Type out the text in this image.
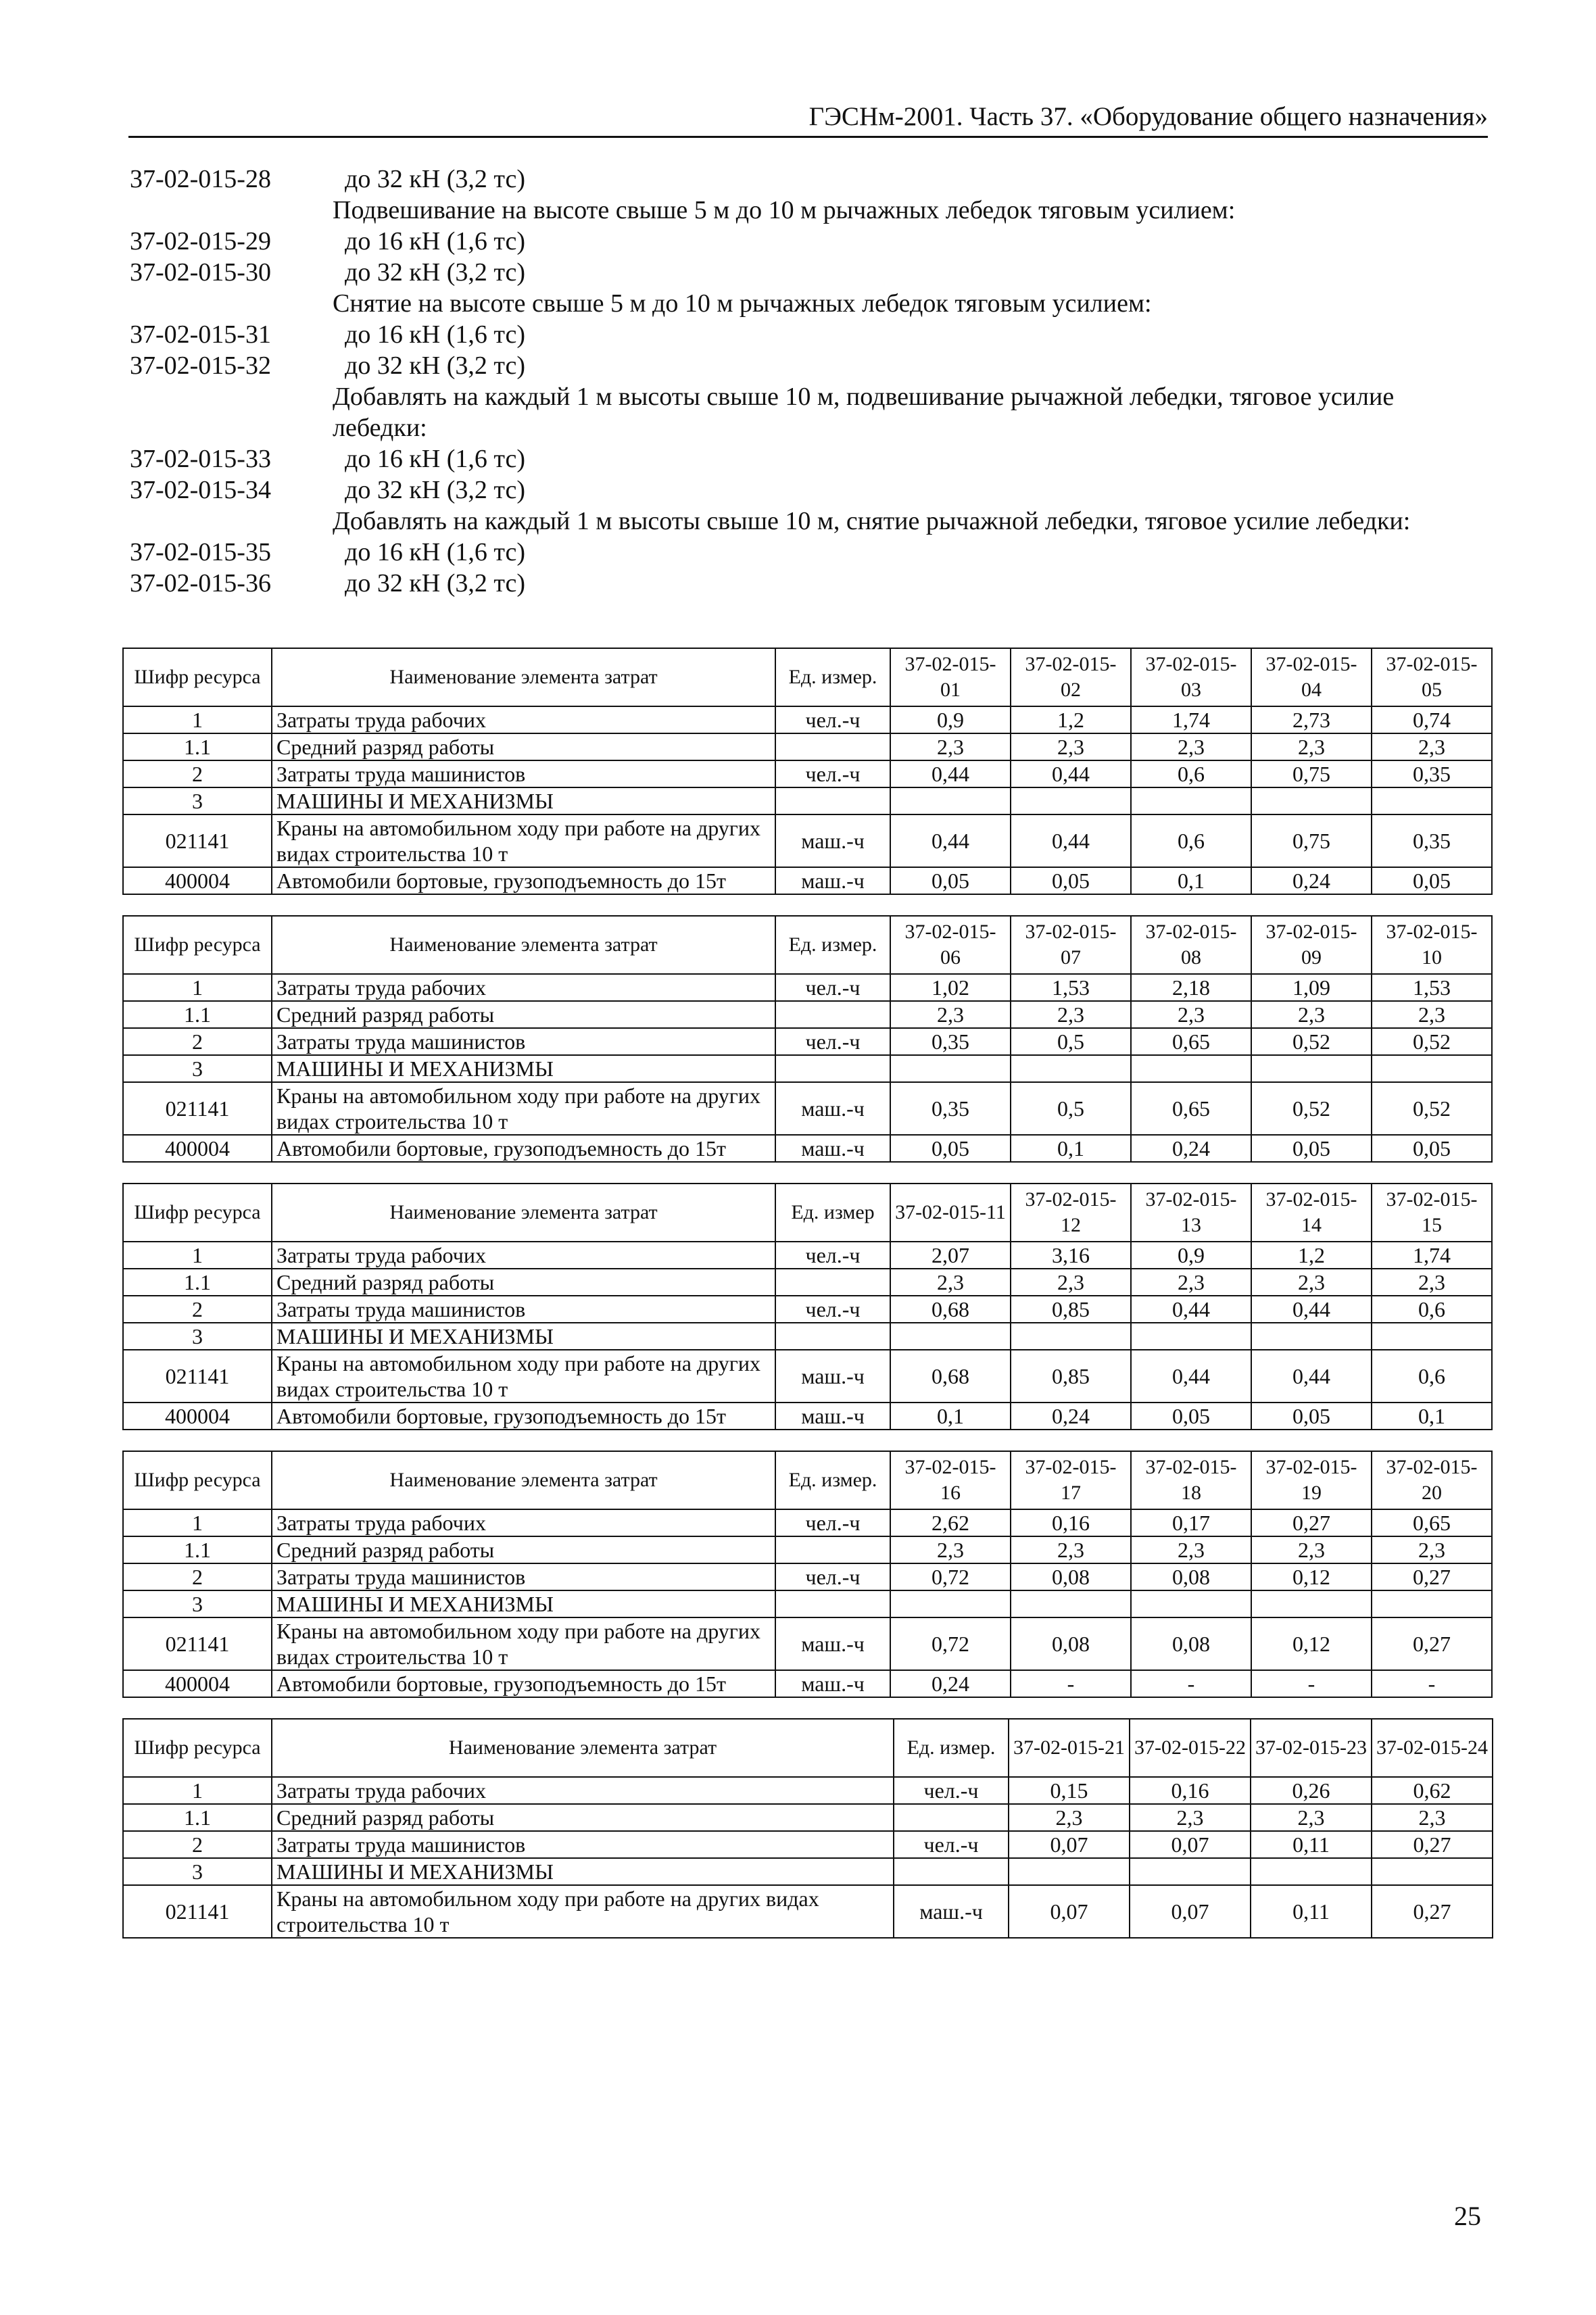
ГЭСНм-2001. Часть 37. «Оборудование общего назначения»
37-02-015-28	до 32 кН (3,2 тс)
Подвешивание на высоте свыше 5 м до 10 м рычажных лебедок тяговым усилием:
37-02-015-29	до 16 кН (1,6 тс)
37-02-015-30	до 32 кН (3,2 тс)
Снятие на высоте свыше 5 м до 10 м рычажных лебедок тяговым усилием:
37-02-015-31	до 16 кН (1,6 тс)
37-02-015-32	до 32 кН (3,2 тс)
Добавлять на каждый 1 м высоты свыше 10 м, подвешивание рычажной лебедки, тяговое усилие лебедки:
37-02-015-33	до 16 кН (1,6 тс)
37-02-015-34	до 32 кН (3,2 тс)
Добавлять на каждый 1 м высоты свыше 10 м, снятие рычажной лебедки, тяговое усилие лебедки:
37-02-015-35	до 16 кН (1,6 тс)
37-02-015-36	до 32 кН (3,2 тс)
Шифр ресурса	Наименование элемента затрат	Ед. измер.	37-02-015-01	37-02-015-02	37-02-015-03	37-02-015-04	37-02-015-05
1	Затраты труда рабочих	чел.-ч	0,9	1,2	1,74	2,73	0,74
1.1	Средний разряд работы		2,3	2,3	2,3	2,3	2,3
2	Затраты труда машинистов	чел.-ч	0,44	0,44	0,6	0,75	0,35
3	МАШИНЫ И МЕХАНИЗМЫ						
021141	Краны на автомобильном ходу при работе на других видах строительства 10 т	маш.-ч	0,44	0,44	0,6	0,75	0,35
400004	Автомобили бортовые, грузоподъемность до 15т	маш.-ч	0,05	0,05	0,1	0,24	0,05
Шифр ресурса	Наименование элемента затрат	Ед. измер.	37-02-015-06	37-02-015-07	37-02-015-08	37-02-015-09	37-02-015-10
1	Затраты труда рабочих	чел.-ч	1,02	1,53	2,18	1,09	1,53
1.1	Средний разряд работы		2,3	2,3	2,3	2,3	2,3
2	Затраты труда машинистов	чел.-ч	0,35	0,5	0,65	0,52	0,52
3	МАШИНЫ И МЕХАНИЗМЫ						
021141	Краны на автомобильном ходу при работе на других видах строительства 10 т	маш.-ч	0,35	0,5	0,65	0,52	0,52
400004	Автомобили бортовые, грузоподъемность до 15т	маш.-ч	0,05	0,1	0,24	0,05	0,05
Шифр ресурса	Наименование элемента затрат	Ед. измер	37-02-015-11	37-02-015-12	37-02-015-13	37-02-015-14	37-02-015-15
1	Затраты труда рабочих	чел.-ч	2,07	3,16	0,9	1,2	1,74
1.1	Средний разряд работы		2,3	2,3	2,3	2,3	2,3
2	Затраты труда машинистов	чел.-ч	0,68	0,85	0,44	0,44	0,6
3	МАШИНЫ И МЕХАНИЗМЫ						
021141	Краны на автомобильном ходу при работе на других видах строительства 10 т	маш.-ч	0,68	0,85	0,44	0,44	0,6
400004	Автомобили бортовые, грузоподъемность до 15т	маш.-ч	0,1	0,24	0,05	0,05	0,1
Шифр ресурса	Наименование элемента затрат	Ед. измер.	37-02-015-16	37-02-015-17	37-02-015-18	37-02-015-19	37-02-015-20
1	Затраты труда рабочих	чел.-ч	2,62	0,16	0,17	0,27	0,65
1.1	Средний разряд работы		2,3	2,3	2,3	2,3	2,3
2	Затраты труда машинистов	чел.-ч	0,72	0,08	0,08	0,12	0,27
3	МАШИНЫ И МЕХАНИЗМЫ						
021141	Краны на автомобильном ходу при работе на других видах строительства 10 т	маш.-ч	0,72	0,08	0,08	0,12	0,27
400004	Автомобили бортовые, грузоподъемность до 15т	маш.-ч	0,24	-	-	-	-
Шифр ресурса	Наименование элемента затрат	Ед. измер.	37-02-015-21	37-02-015-22	37-02-015-23	37-02-015-24
1	Затраты труда рабочих	чел.-ч	0,15	0,16	0,26	0,62
1.1	Средний разряд работы		2,3	2,3	2,3	2,3
2	Затраты труда машинистов	чел.-ч	0,07	0,07	0,11	0,27
3	МАШИНЫ И МЕХАНИЗМЫ					
021141	Краны на автомобильном ходу при работе на других видах строительства 10 т	маш.-ч	0,07	0,07	0,11	0,27
25
